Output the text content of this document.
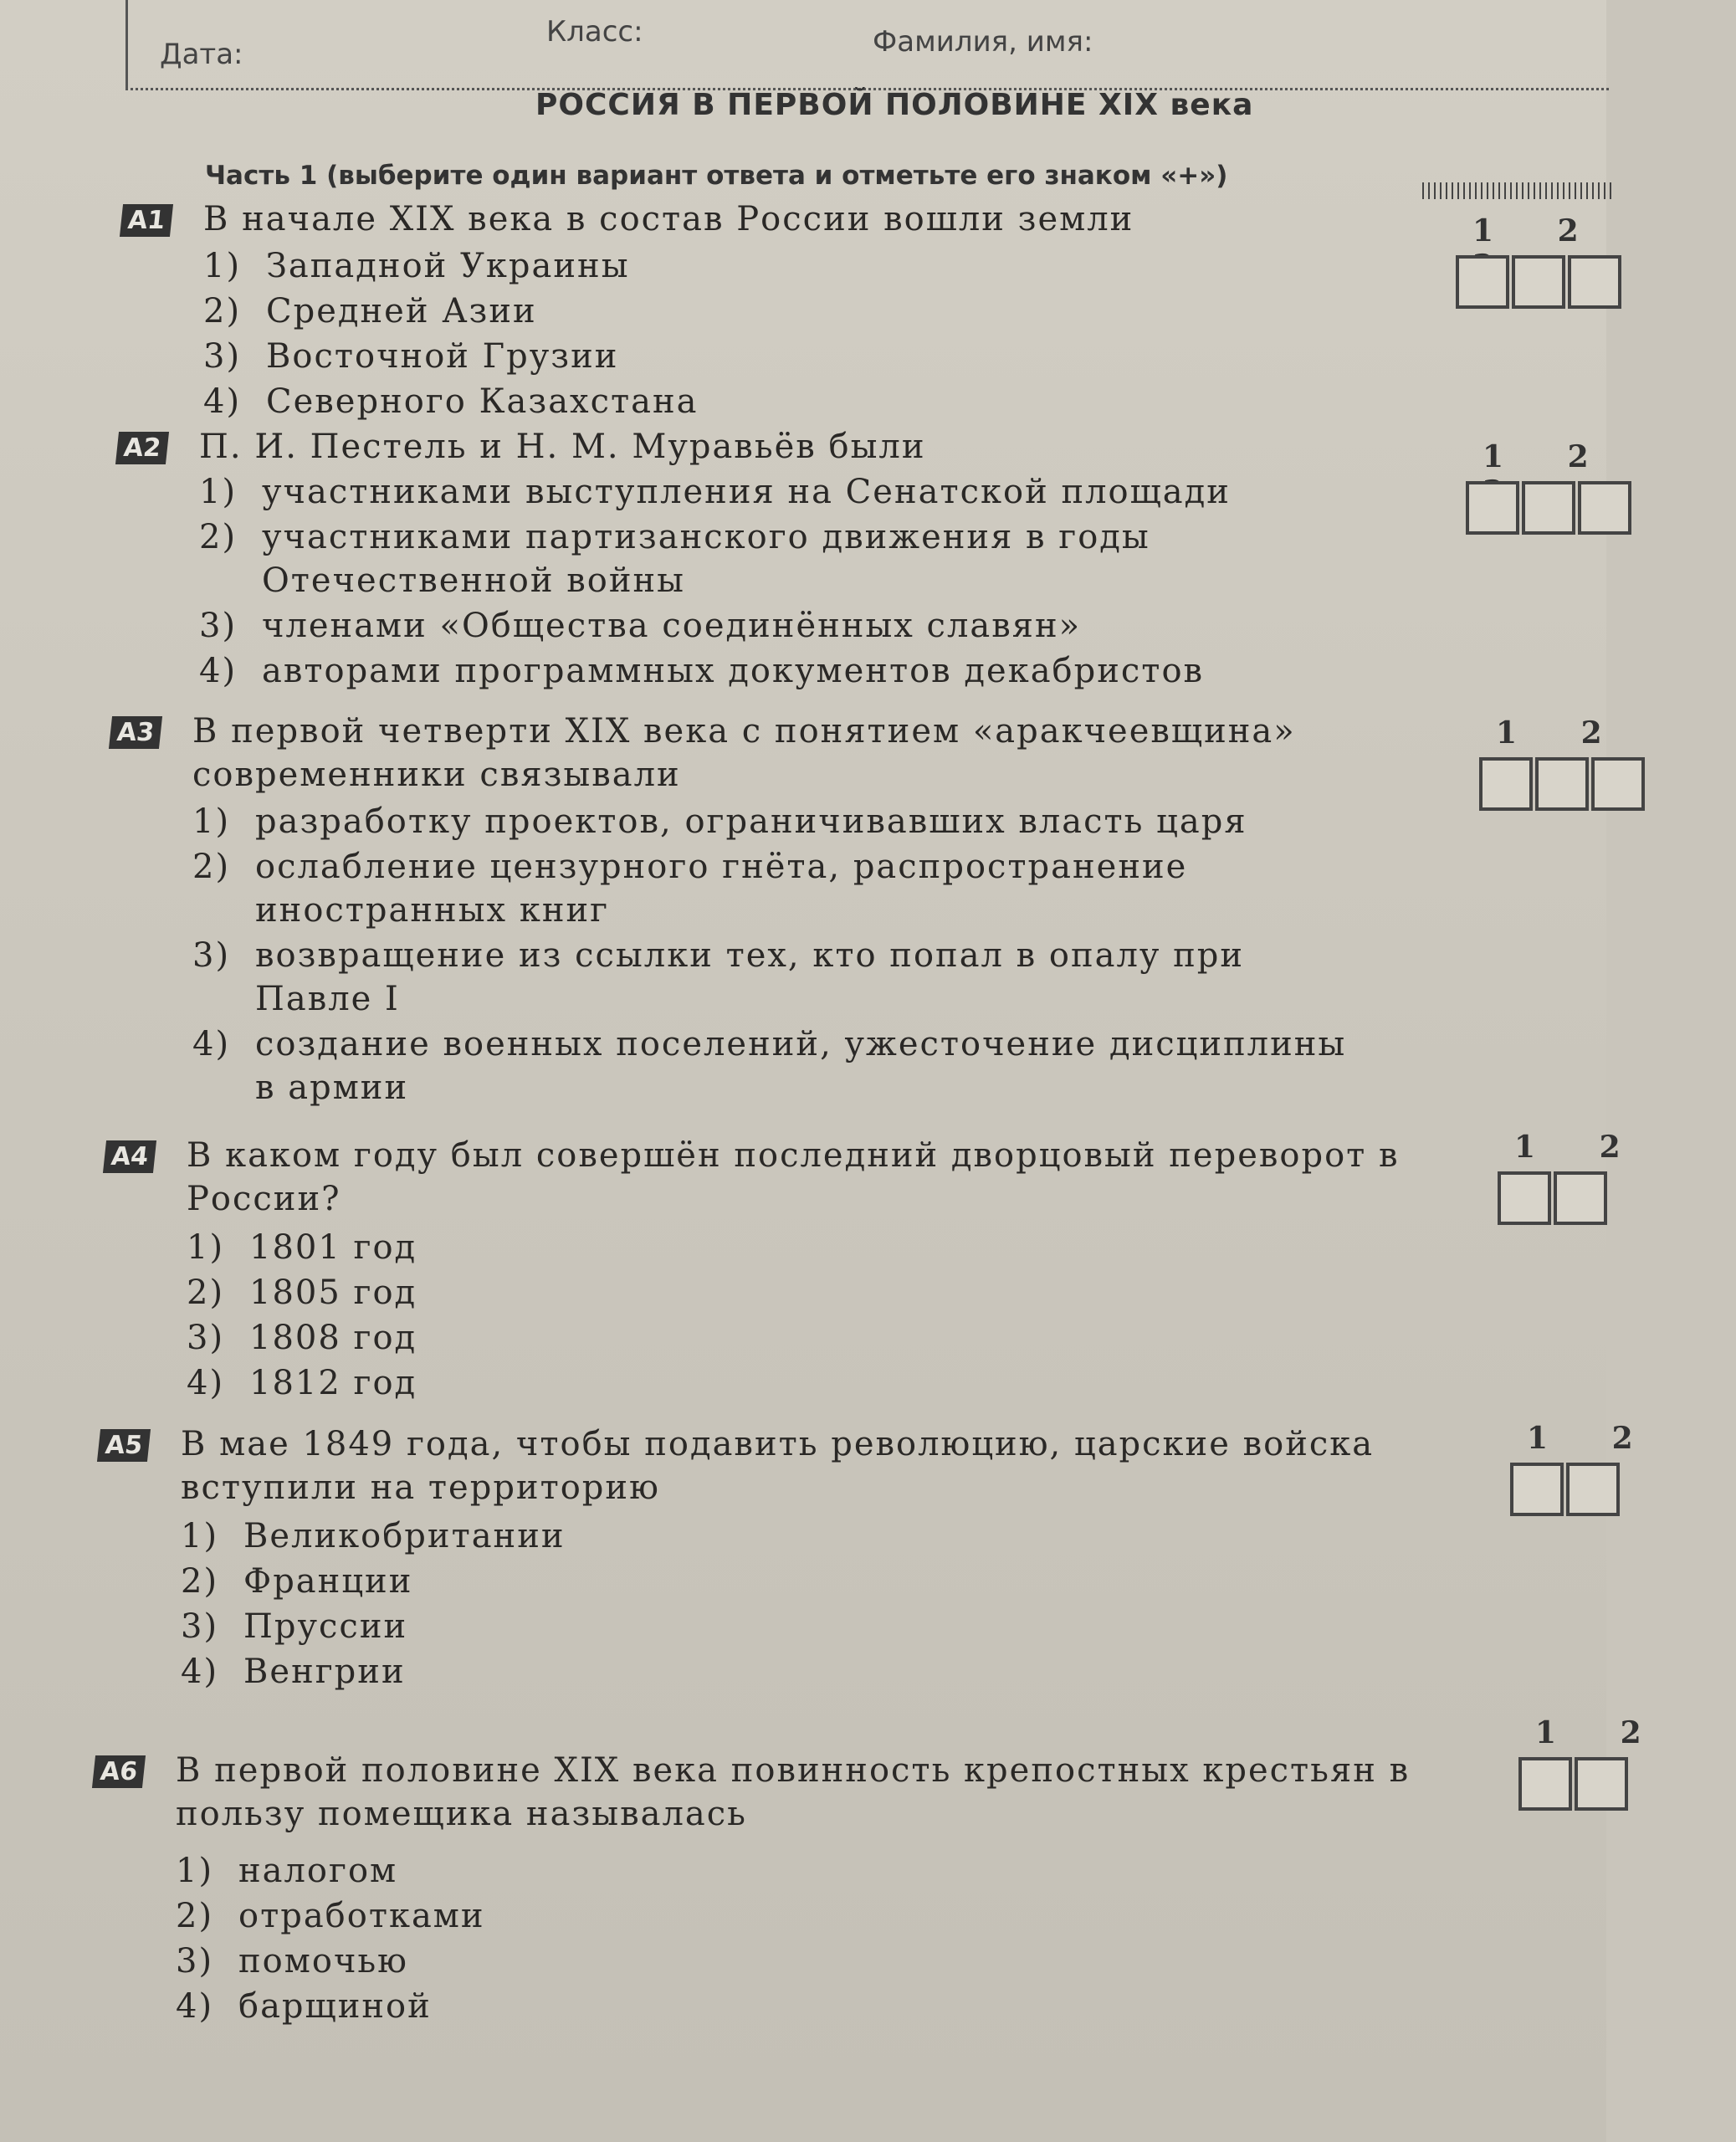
Дата:
Класс:	Фамилия, имя:
РОССИЯ В ПЕРВОЙ ПОЛОВИНЕ XIX века
Часть 1 (выберите один вариант ответа и отметьте его знаком «+»)
A1 В начале XIX века в состав России вошли земли
1) Западной Украины
2) Средней Азии
3) Восточной Грузии
4) Северного Казахстана
1 2
A2 П. И. Пестель и Н. М. Муравьёв были
1) участниками выступления на Сенатской площади
2) участниками партизанского движения в годы Отечественной войны
3) членами «Общества соединённых славян»
4) авторами программных документов декабристов
1 2
A3 В первой четверти XIX века с понятием «аракчеевщина» современники связывали
1) разработку проектов, ограничивавших власть царя
2) ослабление цензурного гнёта, распространение иностранных книг
3) возвращение из ссылки тех, кто попал в опалу при Павле I
4) создание военных поселений, ужесточение дисциплины в армии
1 2
A4 В каком году был совершён последний дворцовый переворот в России?
1) 1801 год
2) 1805 год
3) 1808 год
4) 1812 год
1 2
A5 В мае 1849 года, чтобы подавить революцию, царские войска вступили на территорию
1) Великобритании
2) Франции
3) Пруссии
4) Венгрии
1 2
A6 В первой половине XIX века повинность крепостных крестьян в пользу помещика называлась
1) налогом
2) отработками
3) помочью
4) барщиной
1 2
